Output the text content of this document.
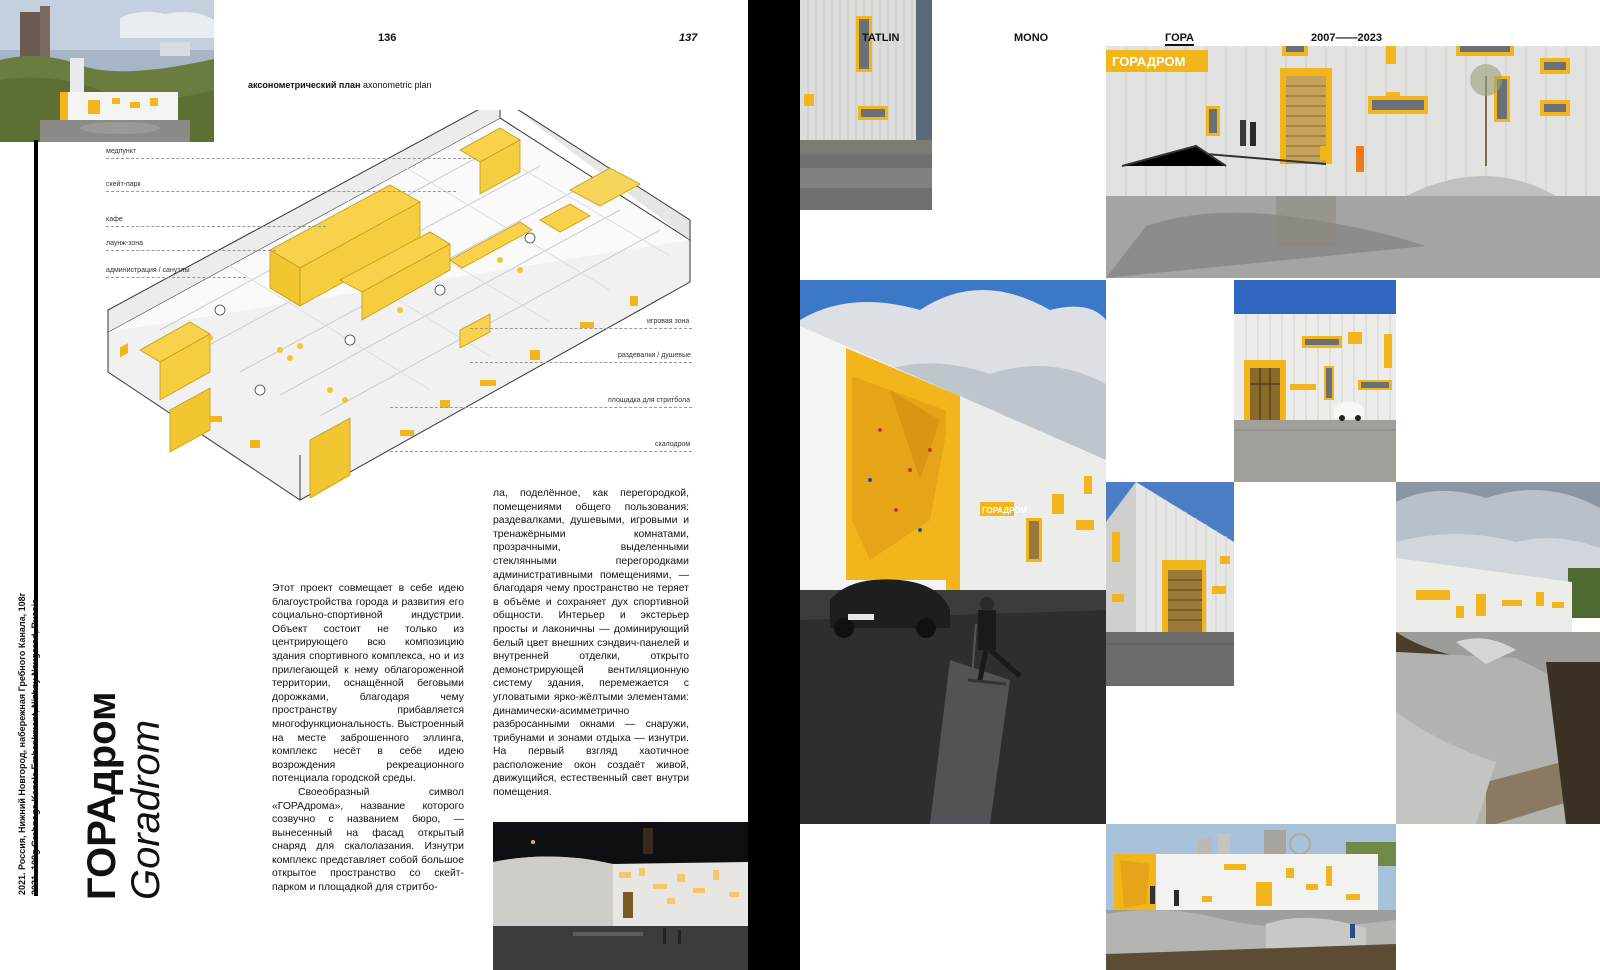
136	137
аксонометрический план axonometric plan
медпункт
скейт-парк
кафе
лаунж-зона
администрация / санузлы
игровая зона
раздевалки / душевые
площадка для стритбола
скалодром
2021. Россия, Нижний Новгород, набережная Гребного Канала, 108г 2021. 108g Grebnogo Kanala Embankment, Nizhny Novgorod, Russia ГОРАдром Goradrom

Этот проект совмещает в себе идею благоустройства города и развития его социально-спортивной индустрии. Объект состоит не только из центрирующего всю композицию здания спортивного комплекса, но и из прилегающей к нему облагороженной территории, оснащённой беговыми дорожками, благодаря чему пространству прибавляется многофункциональность. Выстроенный на месте заброшенного эллинга, комплекс несёт в себе идею возрождения рекреационного потенциала городской среды.

Своеобразный символ «ГОРАдрома», название которого созвучно с названием бюро, — вынесенный на фасад открытый снаряд для скалолазания. Изнутри комплекс представляет собой большое открытое пространство со скейт-парком и площадкой для стритбо-

ла, поделённое, как перегородкой, помещениями общего пользования: раздевалками, душевыми, игровыми и тренажёрными комнатами, прозрачными, выделенными стеклянными перегородками административными помещениями, — благодаря чему пространство не теряет в объёме и сохраняет дух спортивной общности. Интерьер и экстерьер просты и лаконичны — доминирующий белый цвет внешних сэндвич-панелей и внутренней отделки, открыто демонстрирующей вентиляционную систему здания, перемежается с угловатыми ярко-жёлтыми элементами: динамически-асимметрично разбросанными окнами — снаружи, трибунами и зонами отдыха — изнутри. На первый взгляд хаотичное расположение окон создаёт живой, движущийся, естественный свет внутри помещения.

TATLIN	MONO	ГОРА	2007——2023
ГОРАДРОМ
ГОРАДРОМ
